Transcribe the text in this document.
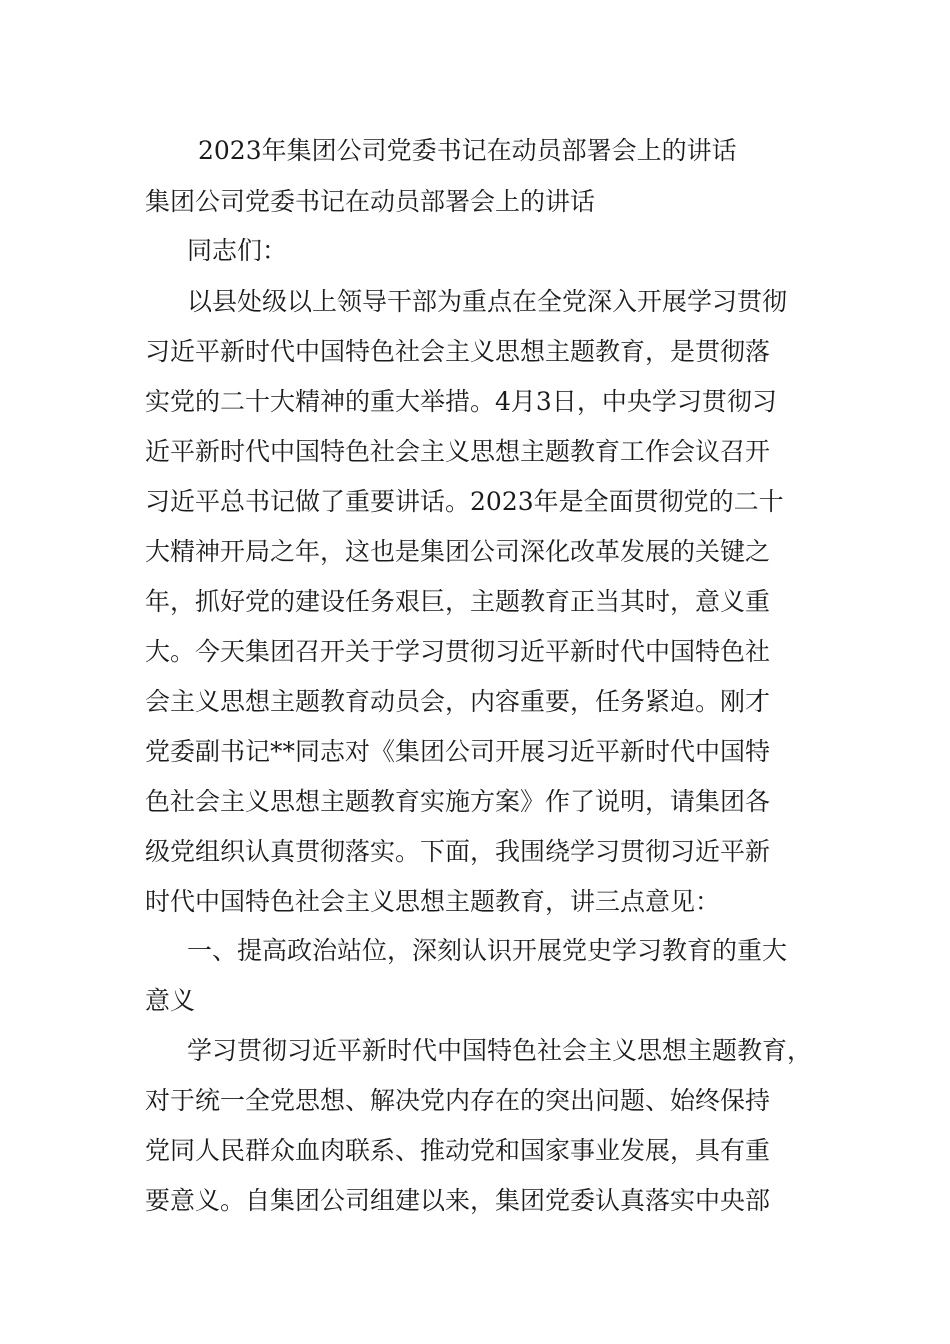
2023年集团公司党委书记在动员部署会上的讲话

集团公司党委书记在动员部署会上的讲话

同志们：

以县处级以上领导干部为重点在全党深入开展学习贯彻

习近平新时代中国特色社会主义思想主题教育，是贯彻落

实党的二十大精神的重大举措。4月3日，中央学习贯彻习

近平新时代中国特色社会主义思想主题教育工作会议召开

习近平总书记做了重要讲话。2023年是全面贯彻党的二十

大精神开局之年，这也是集团公司深化改革发展的关键之

年，抓好党的建设任务艰巨，主题教育正当其时，意义重

大。今天集团召开关于学习贯彻习近平新时代中国特色社

会主义思想主题教育动员会，内容重要，任务紧迫。刚才

党委副书记**同志对《集团公司开展习近平新时代中国特

色社会主义思想主题教育实施方案》作了说明，请集团各

级党组织认真贯彻落实。下面，我围绕学习贯彻习近平新

时代中国特色社会主义思想主题教育，讲三点意见：

一、提高政治站位，深刻认识开展党史学习教育的重大

意义

学习贯彻习近平新时代中国特色社会主义思想主题教育，

对于统一全党思想、解决党内存在的突出问题、始终保持

党同人民群众血肉联系、推动党和国家事业发展，具有重

要意义。自集团公司组建以来，集团党委认真落实中央部
